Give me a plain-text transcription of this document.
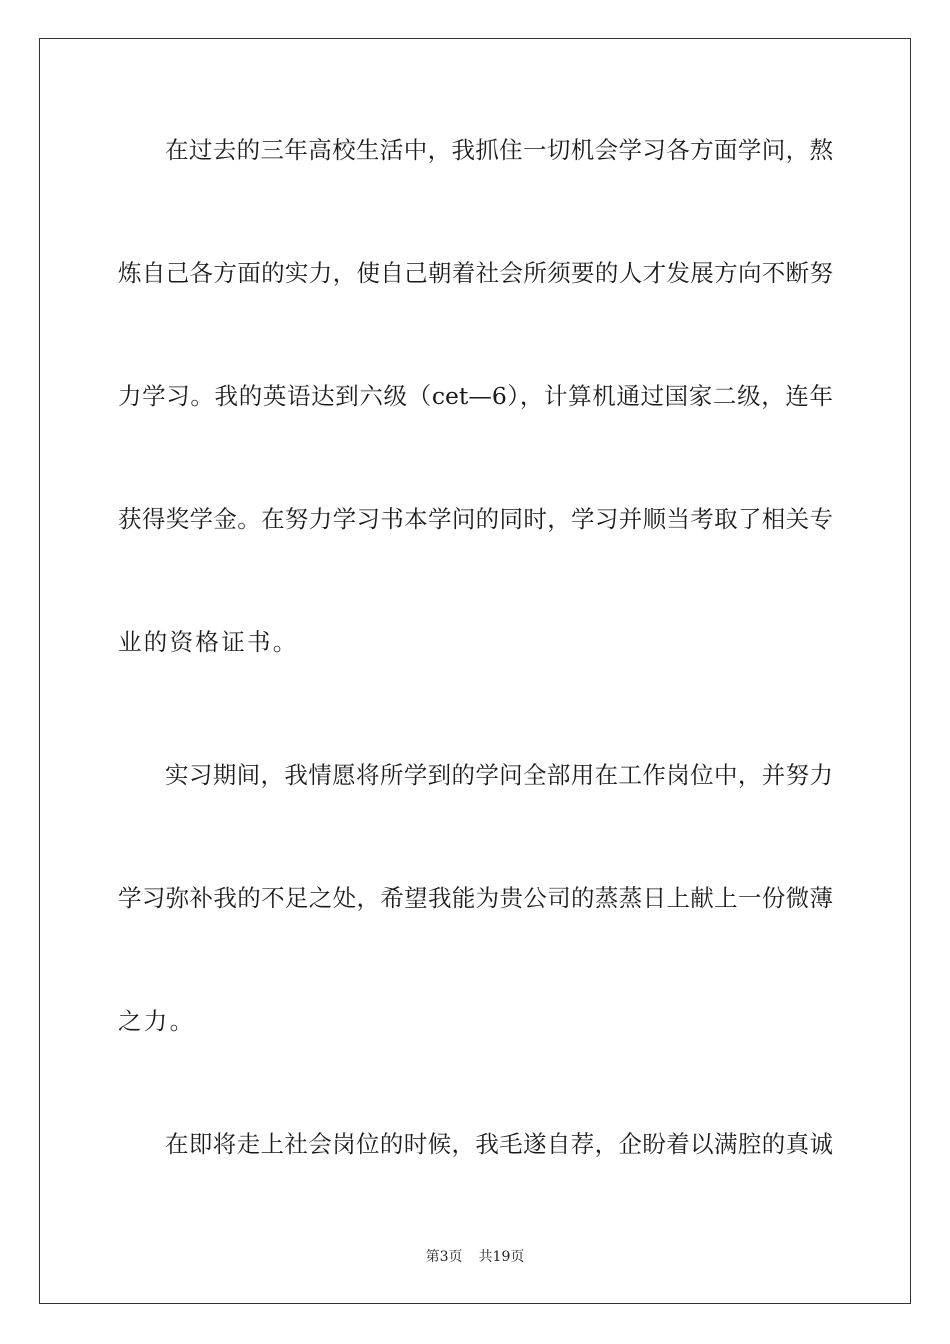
在过去的三年高校生活中，我抓住一切机会学习各方面学问，熬
炼自己各方面的实力，使自己朝着社会所须要的人才发展方向不断努
力学习。我的英语达到六级（cet—6），计算机通过国家二级，连年
获得奖学金。在努力学习书本学问的同时，学习并顺当考取了相关专
业的资格证书。
实习期间，我情愿将所学到的学问全部用在工作岗位中，并努力
学习弥补我的不足之处，希望我能为贵公司的蒸蒸日上献上一份微薄
之力。
在即将走上社会岗位的时候，我毛遂自荐，企盼着以满腔的真诚
第3页 共19页
